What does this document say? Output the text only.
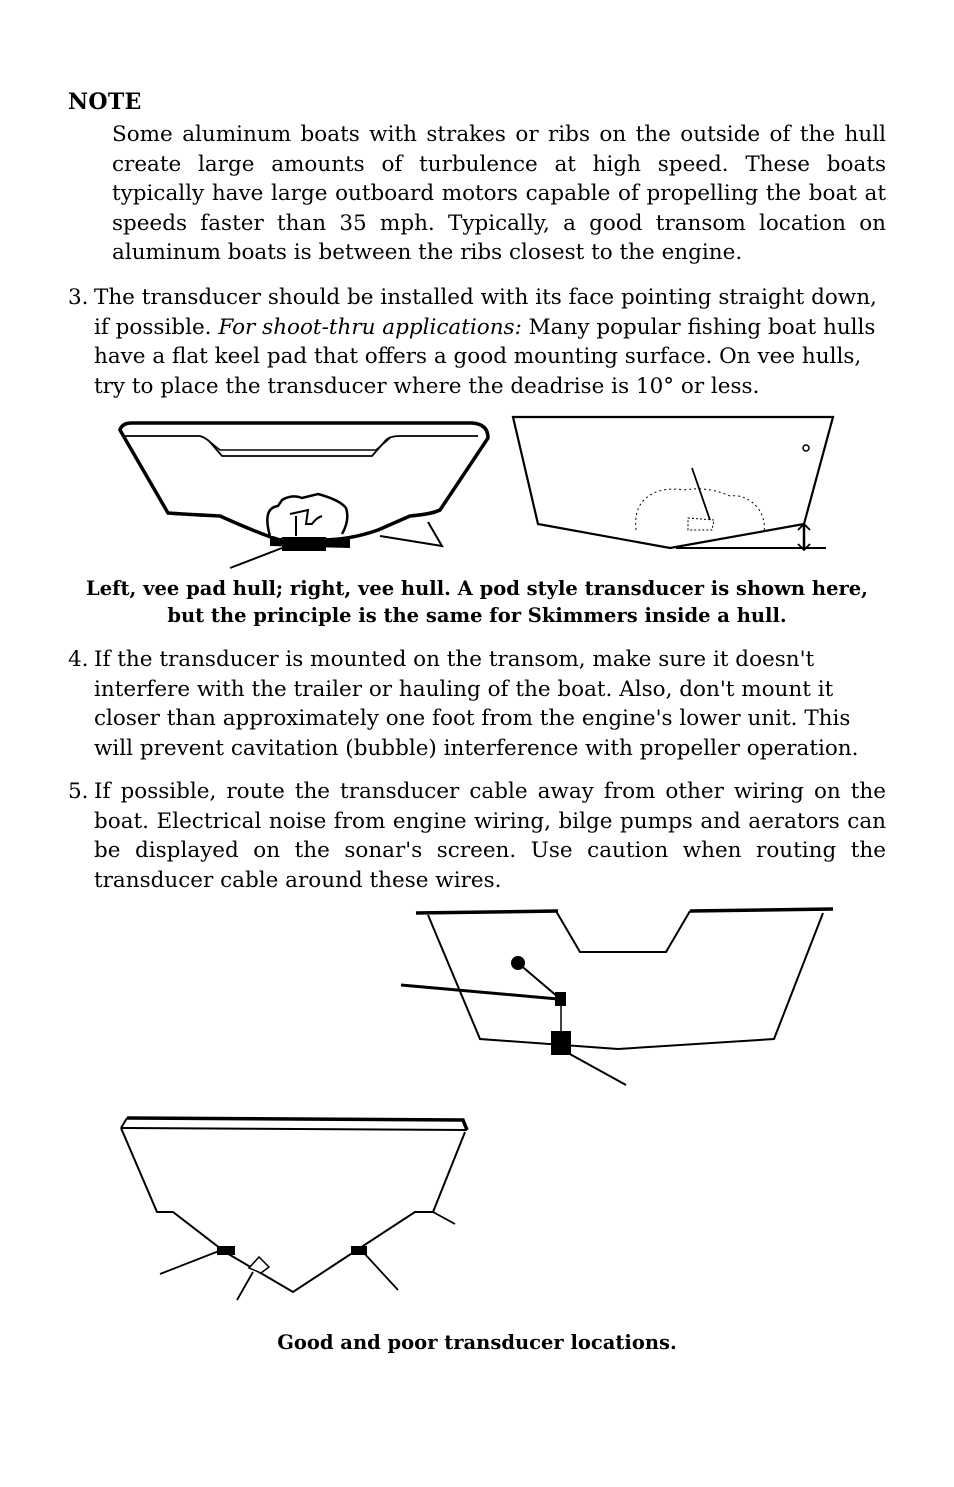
NOTE
Some aluminum boats with strakes or ribs on the outside of the hull create large amounts of turbulence at high speed. These boats typically have large outboard motors capable of propelling the boat at speeds faster than 35 mph. Typically, a good transom location on aluminum boats is between the ribs closest to the engine.
3. The transducer should be installed with its face pointing straight down, if possible. For shoot-thru applications: Many popular fishing boat hulls have a flat keel pad that offers a good mounting surface. On vee hulls, try to place the transducer where the deadrise is 10° or less.
Left, vee pad hull; right, vee hull. A pod style transducer is shown here,
but the principle is the same for Skimmers inside a hull.
4. If the transducer is mounted on the transom, make sure it doesn't interfere with the trailer or hauling of the boat. Also, don't mount it closer than approximately one foot from the engine's lower unit. This will prevent cavitation (bubble) interference with propeller operation.
5. If possible, route the transducer cable away from other wiring on the boat. Electrical noise from engine wiring, bilge pumps and aerators can be displayed on the sonar's screen. Use caution when routing the transducer cable around these wires.
Good and poor transducer locations.
